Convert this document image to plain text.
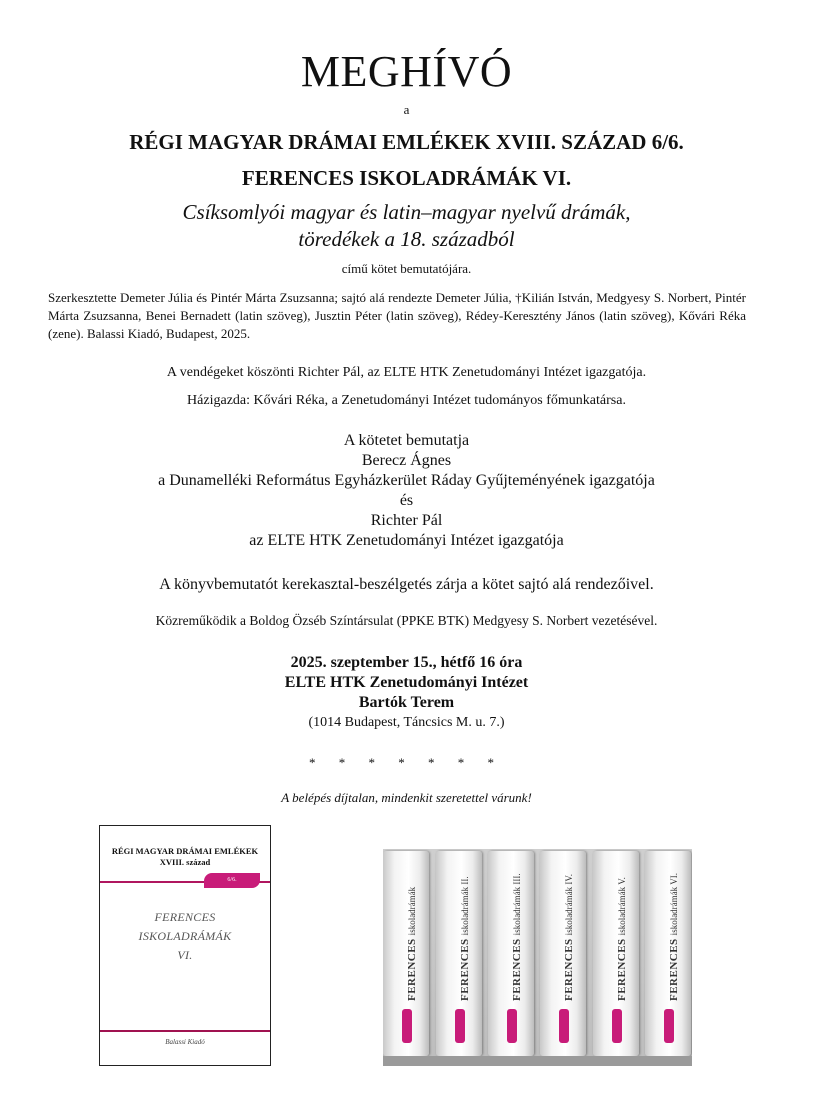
MEGHÍVÓ
a
RÉGI MAGYAR DRÁMAI EMLÉKEK XVIII. SZÁZAD 6/6.
FERENCES ISKOLADRÁMÁK VI.
Csíksomlyói magyar és latin–magyar nyelvű drámák,
töredékek a 18. századból
című kötet bemutatójára.
Szerkesztette Demeter Júlia és Pintér Márta Zsuzsanna; sajtó alá rendezte Demeter Júlia, †Kilián István, Medgyesy S. Norbert, Pintér Márta Zsuzsanna, Benei Bernadett (latin szöveg), Jusztin Péter (latin szöveg), Rédey-Keresztény János (latin szöveg), Kővári Réka (zene). Balassi Kiadó, Budapest, 2025.
A vendégeket köszönti Richter Pál, az ELTE HTK Zenetudományi Intézet igazgatója.
Házigazda: Kővári Réka, a Zenetudományi Intézet tudományos főmunkatársa.
A kötetet bemutatja
Berecz Ágnes
a Dunamelléki Református Egyházkerület Ráday Gyűjteményének igazgatója
és
Richter Pál
az ELTE HTK Zenetudományi Intézet igazgatója
A könyvbemutatót kerekasztal-beszélgetés zárja a kötet sajtó alá rendezőivel.
Közreműködik a Boldog Özséb Színtársulat (PPKE BTK) Medgyesy S. Norbert vezetésével.
2025. szeptember 15., hétfő 16 óra
ELTE HTK Zenetudományi Intézet
Bartók Terem
(1014 Budapest, Táncsics M. u. 7.)
* * * * * * *
A belépés díjtalan, mindenkit szeretettel várunk!
RÉGI MAGYAR DRÁMAI EMLÉKEK
XVIII. század
6/6.
FERENCES
ISKOLADRÁMÁK
VI.
Balassi Kiadó
FERENCESiskoladrámák
FERENCESiskoladrámák II.
FERENCESiskoladrámák III.
FERENCESiskoladrámák IV.
FERENCESiskoladrámák V.
FERENCESiskoladrámák VI.
